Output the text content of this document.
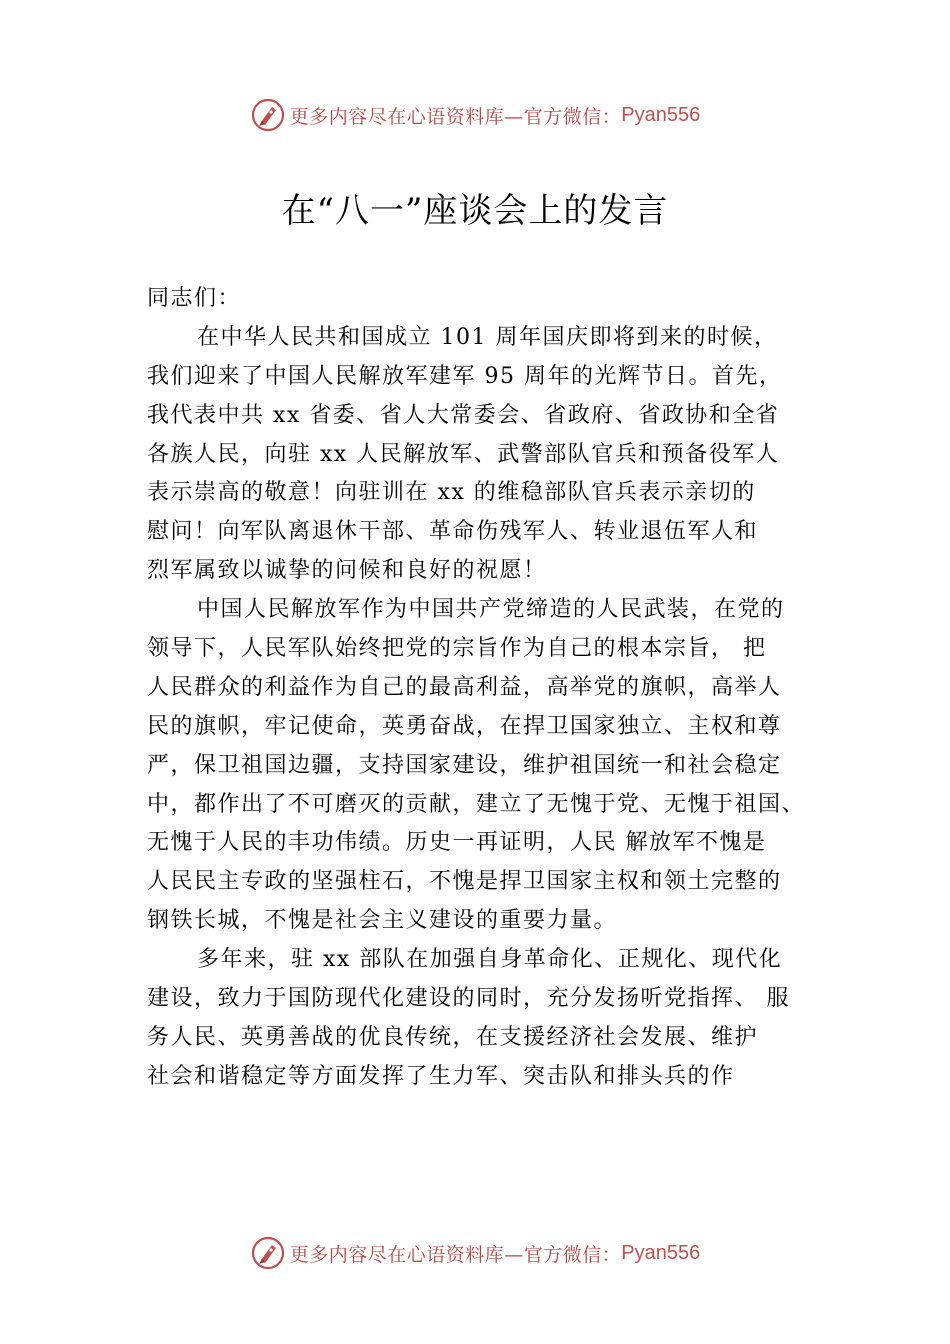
更多内容尽在心语资料库—官方微信： Pyan556
在“八一”座谈会上的发言
同志们：
在中华人民共和国成立 101 周年国庆即将到来的时候，
我们迎来了中国人民解放军建军 95 周年的光辉节日。首先，
我代表中共 xx 省委、省人大常委会、省政府、省政协和全省
各族人民，向驻 xx 人民解放军、武警部队官兵和预备役军人
表示崇高的敬意！向驻训在 xx 的维稳部队官兵表示亲切的
慰问！向军队离退休干部、革命伤残军人、转业退伍军人和
烈军属致以诚挚的问候和良好的祝愿！
中国人民解放军作为中国共产党缔造的人民武装，在党的
领导下，人民军队始终把党的宗旨作为自己的根本宗旨， 把
人民群众的利益作为自己的最高利益，高举党的旗帜，高举人
民的旗帜，牢记使命，英勇奋战，在捍卫国家独立、主权和尊
严，保卫祖国边疆，支持国家建设，维护祖国统一和社会稳定
中，都作出了不可磨灭的贡献，建立了无愧于党、无愧于祖国、
无愧于人民的丰功伟绩。历史一再证明，人民 解放军不愧是
人民民主专政的坚强柱石，不愧是捍卫国家主权和领土完整的
钢铁长城，不愧是社会主义建设的重要力量。
多年来，驻 xx 部队在加强自身革命化、正规化、现代化
建设，致力于国防现代化建设的同时，充分发扬听党指挥、 服
务人民、英勇善战的优良传统，在支援经济社会发展、维护
社会和谐稳定等方面发挥了生力军、突击队和排头兵的作
更多内容尽在心语资料库—官方微信： Pyan556
